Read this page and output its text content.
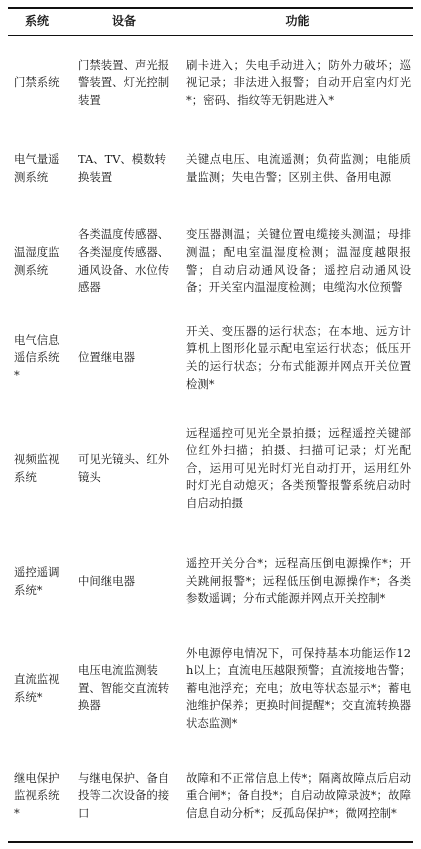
系统	设备	功能
门禁系统	门禁装置、声光报警装置、灯光控制装置	刷卡进入；失电手动进入；防外力破坏；巡视记录；非法进入报警；自动开启室内灯光*；密码、指纹等无钥匙进入*
电气量遥测系统	TA、TV、模数转换装置	关键点电压、电流遥测；负荷监测；电能质量监测；失电告警；区别主供、备用电源
温湿度监测系统	各类温度传感器、各类湿度传感器、通风设备、水位传感器	变压器测温；关键位置电缆接头测温；母排测温；配电室温湿度检测；温湿度越限报警；自动启动通风设备；遥控启动通风设备；开关室内温湿度检测；电缆沟水位预警
电气信息遥信系统*	位置继电器	开关、变压器的运行状态；在本地、远方计算机上图形化显示配电室运行状态；低压开关的运行状态；分布式能源并网点开关位置检测*
视频监视系统	可见光镜头、红外镜头	远程遥控可见光全景拍摄；远程遥控关键部位红外扫描；拍摄、扫描可记录；灯光配合，运用可见光时灯光自动打开，运用红外时灯光自动熄灭；各类预警报警系统启动时自启动拍摄
遥控遥调系统*	中间继电器	遥控开关分合*；远程高压倒电源操作*；开关跳闸报警*；远程低压倒电源操作*；各类参数遥调；分布式能源并网点开关控制*
直流监视系统*	电压电流监测装置、智能交直流转换器	外电源停电情况下，可保持基本功能运作12 h以上；直流电压越限预警；直流接地告警；蓄电池浮充；充电；放电等状态显示*；蓄电池维护保养；更换时间提醒*；交直流转换器状态监测*
继电保护监视系统*	与继电保护、备自投等二次设备的接口	故障和不正常信息上传*；隔离故障点后启动重合闸*；备自投*；自启动故障录波*；故障信息自动分析*；反孤岛保护*；微网控制*
